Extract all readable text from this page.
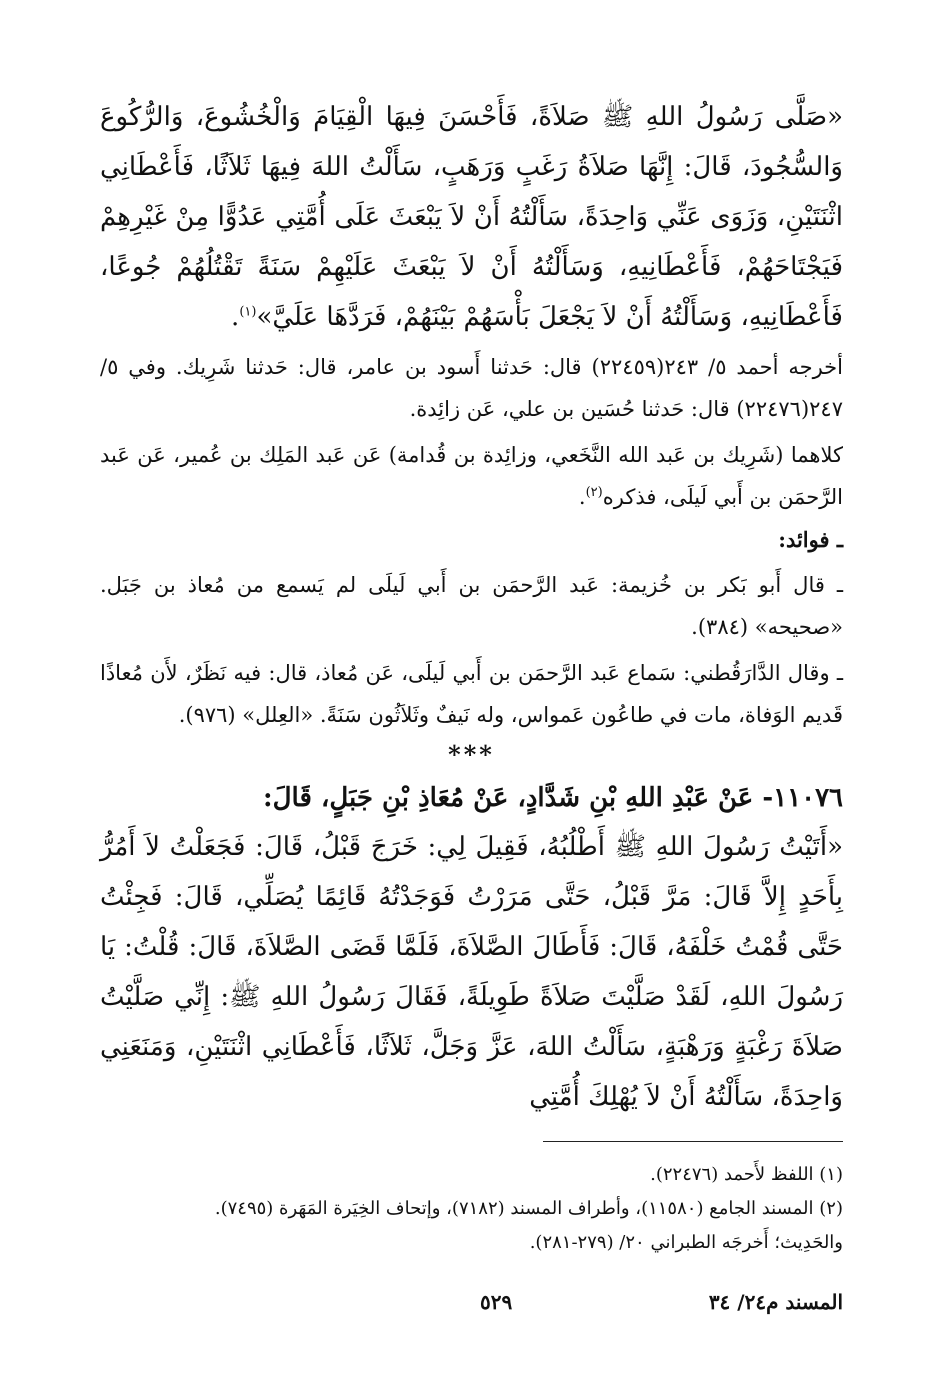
«صَلَّى رَسُولُ اللهِ ﷺ صَلاَةً، فَأَحْسَنَ فِيهَا الْقِيَامَ وَالْخُشُوعَ، وَالرُّكُوعَ وَالسُّجُودَ، قَالَ: إِنَّهَا صَلاَةُ رَغَبٍ وَرَهَبٍ، سَأَلْتُ اللهَ فِيهَا ثَلاَثًا، فَأَعْطَانِي اثْنَتَيْنِ، وَزَوَى عَنِّي وَاحِدَةً، سَأَلْتُهُ أَنْ لاَ يَبْعَثَ عَلَى أُمَّتِي عَدُوًّا مِنْ غَيْرِهِمْ فَيَجْتَاحَهُمْ، فَأَعْطَانِيهِ، وَسَأَلْتُهُ أَنْ لاَ يَبْعَثَ عَلَيْهِمْ سَنَةً تَقْتُلُهُمْ جُوعًا، فَأَعْطَانِيهِ، وَسَأَلْتُهُ أَنْ لاَ يَجْعَلَ بَأْسَهُمْ بَيْنَهُمْ، فَرَدَّهَا عَلَيَّ»$^{(١)}$.

أخرجه أحمد ٥/ ٢٤٣(٢٢٤٥٩) قال: حَدثنا أَسود بن عامر، قال: حَدثنا شَرِيك. وفي ٥/ ٢٤٧(٢٢٤٧٦) قال: حَدثنا حُسَين بن علي، عَن زائِدة.

كلاهما (شَرِيك بن عَبد الله النَّخَعي، وزائِدة بن قُدامة) عَن عَبد المَلِك بن عُمير، عَن عَبد الرَّحمَن بن أَبي لَيلَى، فذكره$^{(٢)}$.

ـ فوائد:

ـ قال أَبو بَكر بن خُزيمة: عَبد الرَّحمَن بن أَبي لَيلَى لم يَسمع من مُعاذ بن جَبَل. «صحيحه» (٣٨٤).

ـ وقال الدَّارَقُطني: سَماع عَبد الرَّحمَن بن أَبي لَيلَى، عَن مُعاذ، قال: فيه نَظَرٌ، لأَن مُعاذًا قَديم الوَفاة، مات في طاعُون عَمواس، وله نَيفٌ وثَلاَثُون سَنَةً. «العِلل» (٩٧٦).

***

١١٠٧٦- عَنْ عَبْدِ اللهِ بْنِ شَدَّادٍ، عَنْ مُعَاذِ بْنِ جَبَلٍ، قَالَ:

«أَتَيْتُ رَسُولَ اللهِ ﷺ أَطْلُبُهُ، فَقِيلَ لِي: خَرَجَ قَبْلُ، قَالَ: فَجَعَلْتُ لاَ أَمُرُّ بِأَحَدٍ إِلاَّ قَالَ: مَرَّ قَبْلُ، حَتَّى مَرَرْتُ فَوَجَدْتُهُ قَائِمًا يُصَلِّي، قَالَ: فَجِئْتُ حَتَّى قُمْتُ خَلْفَهُ، قَالَ: فَأَطَالَ الصَّلاَةَ، فَلَمَّا قَضَى الصَّلاَةَ، قَالَ: قُلْتُ: يَا رَسُولَ اللهِ، لَقَدْ صَلَّيْتَ صَلاَةً طَوِيلَةً، فَقَالَ رَسُولُ اللهِ ﷺ: إِنِّي صَلَّيْتُ صَلاَةَ رَغْبَةٍ وَرَهْبَةٍ، سَأَلْتُ اللهَ، عَزَّ وَجَلَّ، ثَلاَثًا، فَأَعْطَانِي اثْنَتَيْنِ، وَمَنَعَنِي وَاحِدَةً، سَأَلْتُهُ أَنْ لاَ يُهْلِكَ أُمَّتِي

(١) اللفظ لأَحمد (٢٢٤٧٦).

(٢) المسند الجامع (١١٥٨٠)، وأطراف المسند (٧١٨٢)، وإتحاف الخِيَرة المَهَرة (٧٤٩٥).

والحَدِيث؛ أَخرجَه الطبراني ٢٠/ (٢٧٩-٢٨١).

المسند م٢٤/ ٣٤
٥٢٩
